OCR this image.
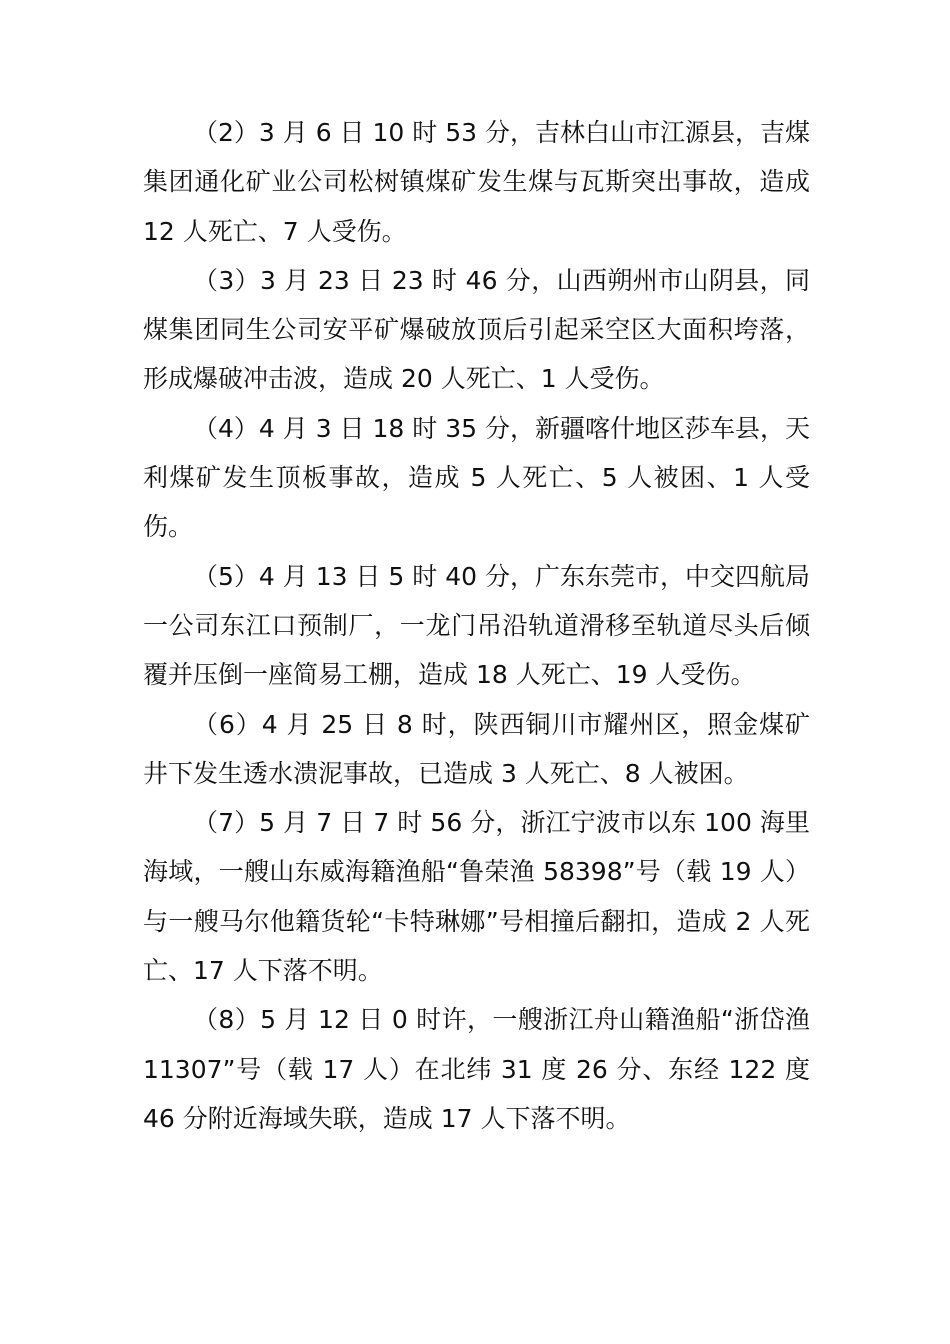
（2）3 月 6 日 10 时 53 分，吉林白山市江源县，吉煤集团通化矿业公司松树镇煤矿发生煤与瓦斯突出事故，造成 12 人死亡、7 人受伤。

（3）3 月 23 日 23 时 46 分，山西朔州市山阴县，同煤集团同生公司安平矿爆破放顶后引起采空区大面积垮落，形成爆破冲击波，造成 20 人死亡、1 人受伤。

（4）4 月 3 日 18 时 35 分，新疆喀什地区莎车县，天利煤矿发生顶板事故，造成 5 人死亡、5 人被困、1 人受伤。

（5）4 月 13 日 5 时 40 分，广东东莞市，中交四航局一公司东江口预制厂，一龙门吊沿轨道滑移至轨道尽头后倾覆并压倒一座简易工棚，造成 18 人死亡、19 人受伤。

（6）4 月 25 日 8 时，陕西铜川市耀州区，照金煤矿井下发生透水溃泥事故，已造成 3 人死亡、8 人被困。

（7）5 月 7 日 7 时 56 分，浙江宁波市以东 100 海里海域，一艘山东威海籍渔船“鲁荣渔 58398”号（载 19 人）与一艘马尔他籍货轮“卡特琳娜”号相撞后翻扣，造成 2 人死亡、17 人下落不明。

（8）5 月 12 日 0 时许，一艘浙江舟山籍渔船“浙岱渔 11307”号（载 17 人）在北纬 31 度 26 分、东经 122 度 46 分附近海域失联，造成 17 人下落不明。
